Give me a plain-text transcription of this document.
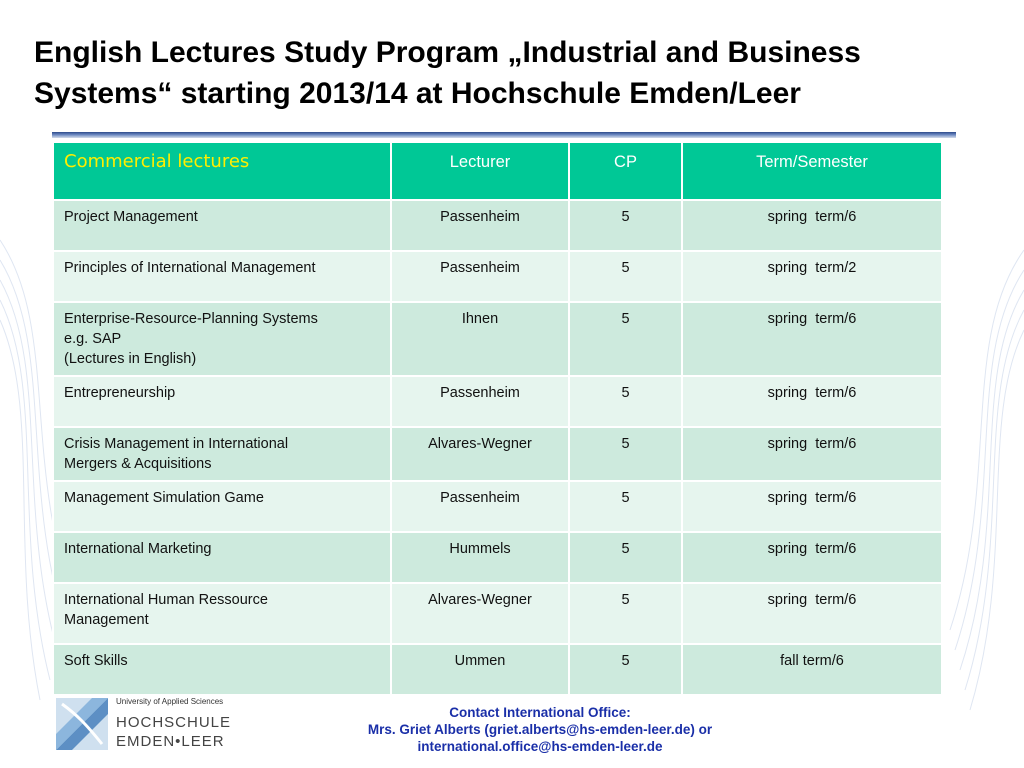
English Lectures Study Program „Industrial and Business Systems“ starting 2013/14 at Hochschule Emden/Leer
Commercial lectures	Lecturer	CP	Term/Semester

Project Management	Passenheim	5	spring  term/6

Principles of International Management	Passenheim	5	spring  term/2

Enterprise-Resource-Planning Systems
e.g. SAP
(Lectures in English)	Ihnen	5	spring  term/6

Entrepreneurship	Passenheim	5	spring  term/6

Crisis Management in International
Mergers & Acquisitions	Alvares-Wegner	5	spring  term/6

Management Simulation Game	Passenheim	5	spring  term/6

International Marketing	Hummels	5	spring  term/6

International Human Ressource
Management	Alvares-Wegner	5	spring  term/6

Soft Skills	Ummen	5	fall term/6
University of Applied Sciences
HOCHSCHULE
EMDEN•LEER
Contact International Office:
Mrs. Griet Alberts (griet.alberts@hs-emden-leer.de) or
international.office@hs-emden-leer.de
